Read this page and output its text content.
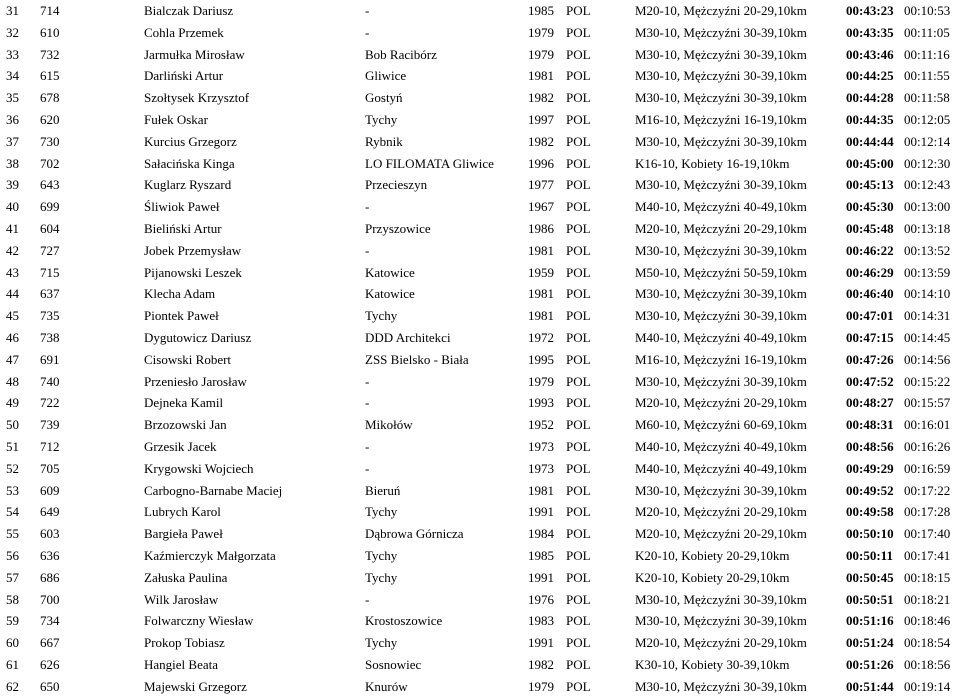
31 714	Bialczak Dariusz	-	1985 POL	M20-10, Mężczyźni 20-29,10km	00:43:23 00:10:53
32 610	Cohla Przemek	-	1979 POL	M30-10, Mężczyźni 30-39,10km	00:43:35 00:11:05
33 732	Jarmułka Mirosław	Bob Racibórz	1979 POL	M30-10, Mężczyźni 30-39,10km	00:43:46 00:11:16
34 615	Darliński Artur	Gliwice	1981 POL	M30-10, Mężczyźni 30-39,10km	00:44:25 00:11:55
35 678	Szołtysek Krzysztof	Gostyń	1982 POL	M30-10, Mężczyźni 30-39,10km	00:44:28 00:11:58
36 620	Fułek Oskar	Tychy	1997 POL	M16-10, Mężczyźni 16-19,10km	00:44:35 00:12:05
37 730	Kurcius Grzegorz	Rybnik	1982 POL	M30-10, Mężczyźni 30-39,10km	00:44:44 00:12:14
38 702	Sałacińska Kinga	LO FILOMATA Gliwice	1996 POL	K16-10, Kobiety 16-19,10km	00:45:00 00:12:30
39 643	Kuglarz Ryszard	Przecieszyn	1977 POL	M30-10, Mężczyźni 30-39,10km	00:45:13 00:12:43
40 699	Śliwiok Paweł	-	1967 POL	M40-10, Mężczyźni 40-49,10km	00:45:30 00:13:00
41 604	Bieliński Artur	Przyszowice	1986 POL	M20-10, Mężczyźni 20-29,10km	00:45:48 00:13:18
42 727	Jobek Przemysław	-	1981 POL	M30-10, Mężczyźni 30-39,10km	00:46:22 00:13:52
43 715	Pijanowski Leszek	Katowice	1959 POL	M50-10, Mężczyźni 50-59,10km	00:46:29 00:13:59
44 637	Klecha Adam	Katowice	1981 POL	M30-10, Mężczyźni 30-39,10km	00:46:40 00:14:10
45 735	Piontek Paweł	Tychy	1981 POL	M30-10, Mężczyźni 30-39,10km	00:47:01 00:14:31
46 738	Dygutowicz Dariusz	DDD Architekci	1972 POL	M40-10, Mężczyźni 40-49,10km	00:47:15 00:14:45
47 691	Cisowski Robert	ZSS Bielsko - Biała	1995 POL	M16-10, Mężczyźni 16-19,10km	00:47:26 00:14:56
48 740	Przeniesło Jarosław	-	1979 POL	M30-10, Mężczyźni 30-39,10km	00:47:52 00:15:22
49 722	Dejneka Kamil	-	1993 POL	M20-10, Mężczyźni 20-29,10km	00:48:27 00:15:57
50 739	Brzozowski Jan	Mikołów	1952 POL	M60-10, Mężczyźni 60-69,10km	00:48:31 00:16:01
51 712	Grzesik Jacek	-	1973 POL	M40-10, Mężczyźni 40-49,10km	00:48:56 00:16:26
52 705	Krygowski Wojciech	-	1973 POL	M40-10, Mężczyźni 40-49,10km	00:49:29 00:16:59
53 609	Carbogno-Barnabe Maciej	Bieruń	1981 POL	M30-10, Mężczyźni 30-39,10km	00:49:52 00:17:22
54 649	Lubrych Karol	Tychy	1991 POL	M20-10, Mężczyźni 20-29,10km	00:49:58 00:17:28
55 603	Bargieła Paweł	Dąbrowa Górnicza	1984 POL	M20-10, Mężczyźni 20-29,10km	00:50:10 00:17:40
56 636	Kaźmierczyk Małgorzata	Tychy	1985 POL	K20-10, Kobiety 20-29,10km	00:50:11 00:17:41
57 686	Załuska Paulina	Tychy	1991 POL	K20-10, Kobiety 20-29,10km	00:50:45 00:18:15
58 700	Wilk Jarosław	-	1976 POL	M30-10, Mężczyźni 30-39,10km	00:50:51 00:18:21
59 734	Folwarczny Wiesław	Krostoszowice	1983 POL	M30-10, Mężczyźni 30-39,10km	00:51:16 00:18:46
60 667	Prokop Tobiasz	Tychy	1991 POL	M20-10, Mężczyźni 20-29,10km	00:51:24 00:18:54
61 626	Hangiel Beata	Sosnowiec	1982 POL	K30-10, Kobiety 30-39,10km	00:51:26 00:18:56
62 650	Majewski Grzegorz	Knurów	1979 POL	M30-10, Mężczyźni 30-39,10km	00:51:44 00:19:14
